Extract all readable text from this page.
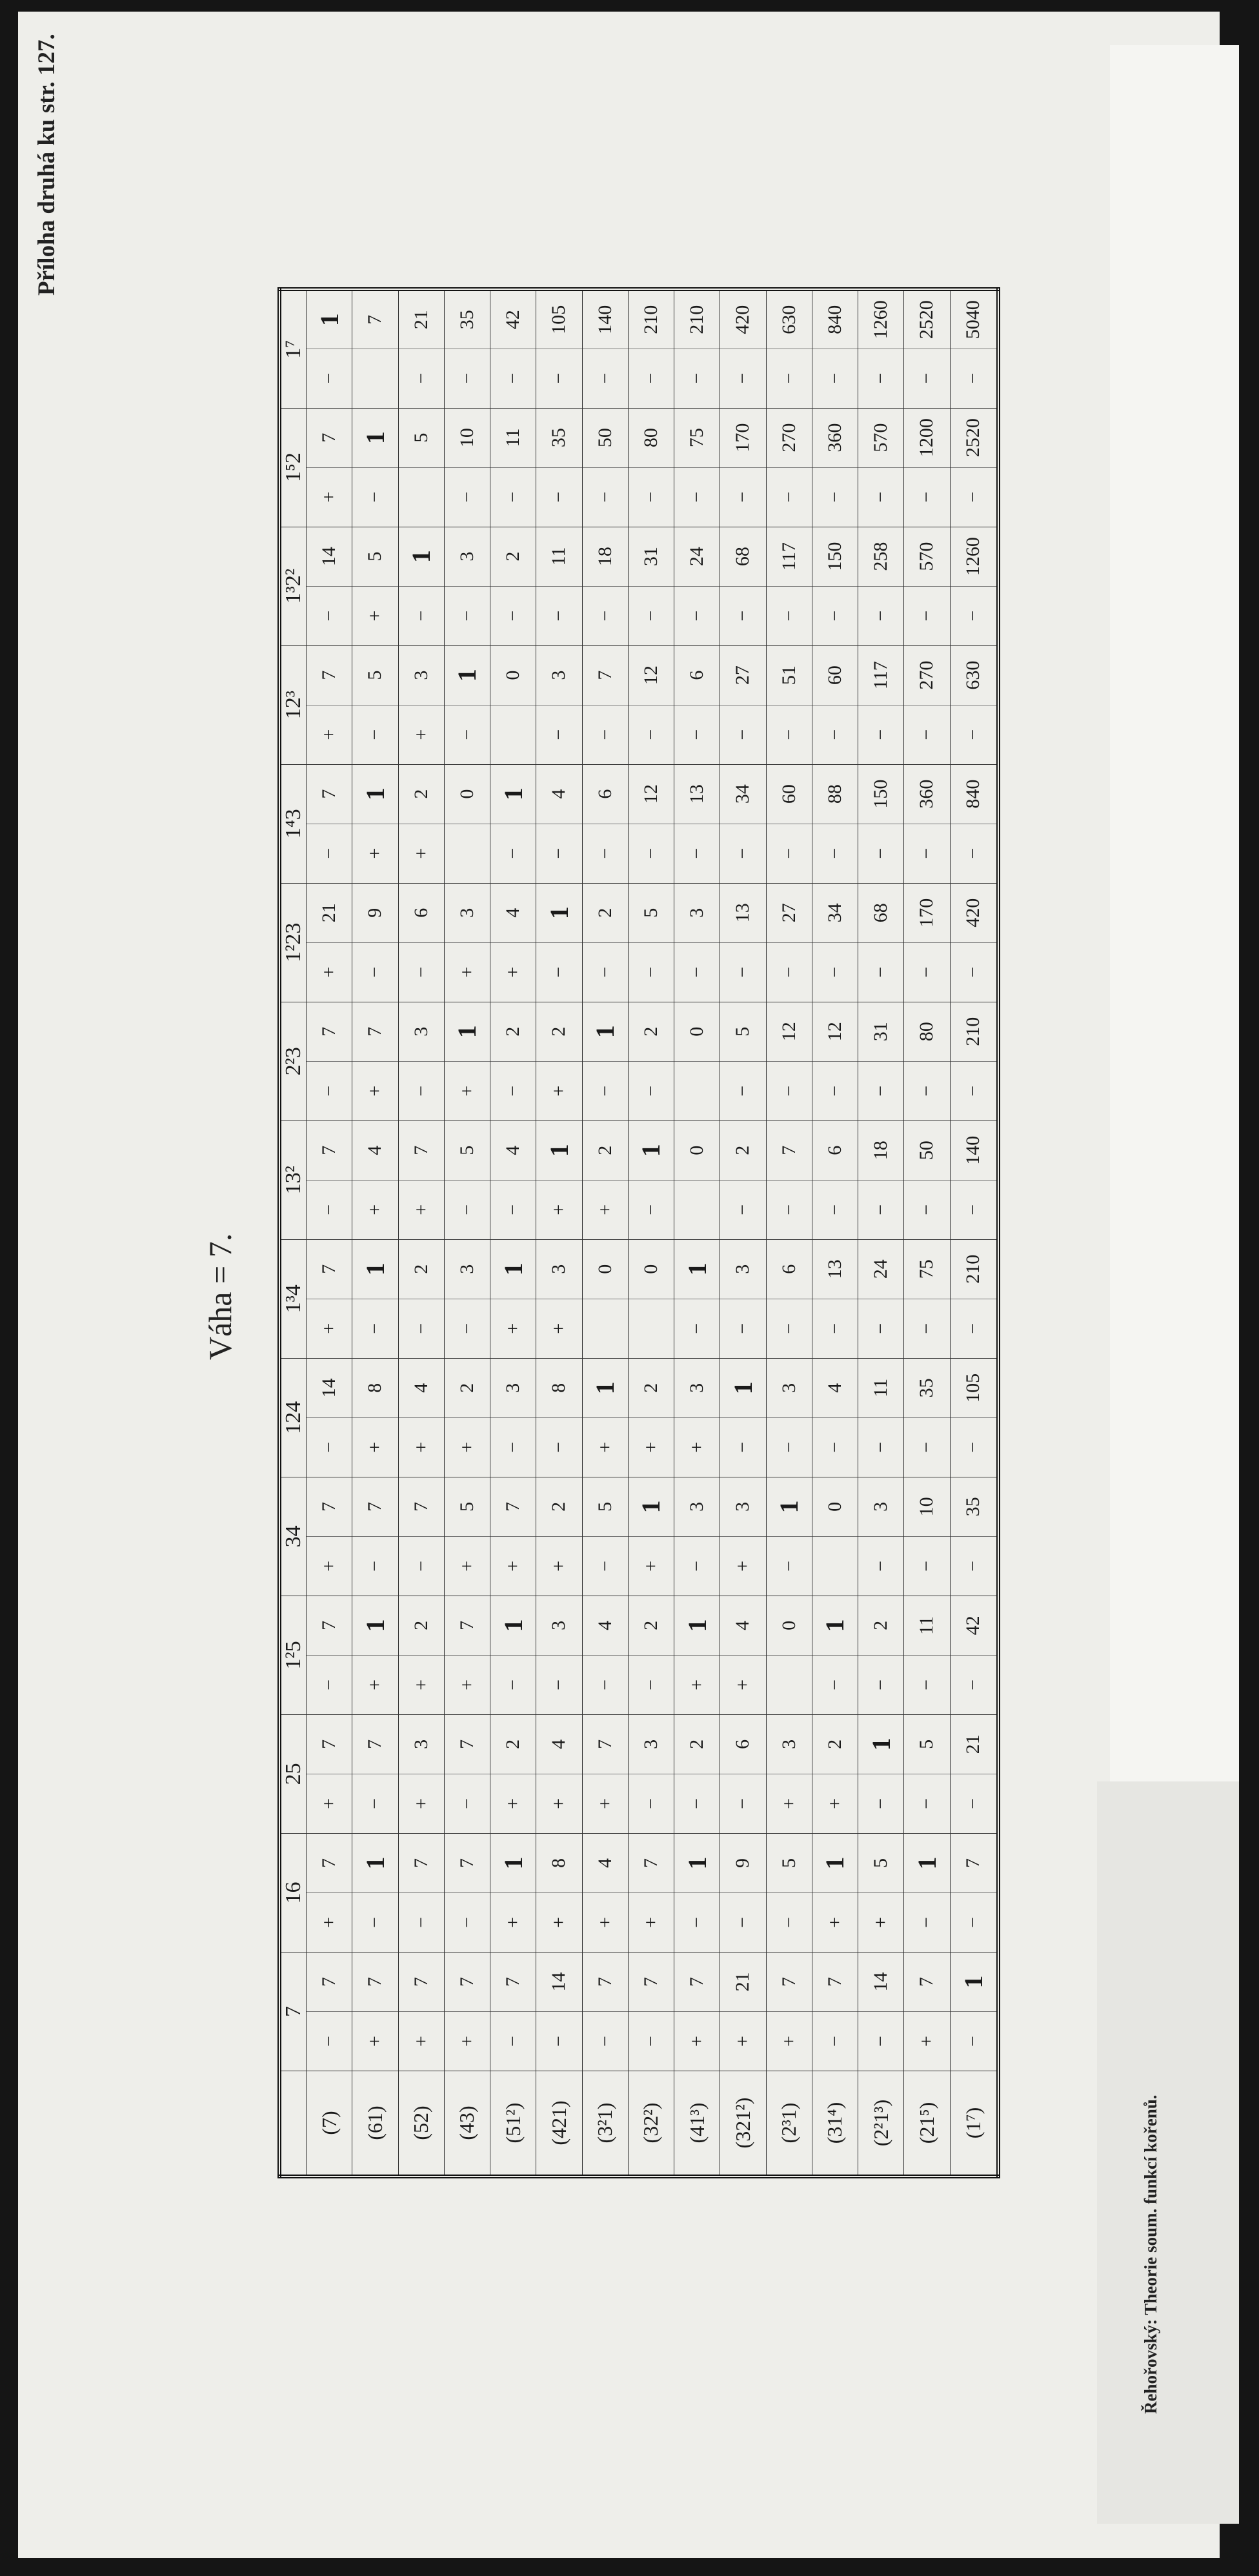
Příloha druhá ku str. 127.
Váha = 7.
Řehořovský: Theorie soum. funkcí kořenů.
	7		16		25		1²5		34		124		1³4		13²		2²3		1²23		1⁴3		12³		1³2²		1⁵2		1⁷	
(7)	−	7	+	7	+	7	−	7	+	7	−	14	+	7	−	7	−	7	+	21	−	7	+	7	−	14	+	7	−	1
(61)	+	7	−	1	−	7	+	1	−	7	+	8	−	1	+	4	+	7	−	9	+	1	−	5	+	5	−	1		7
(52)	+	7	−	7	+	3	+	2	−	7	+	4	−	2	+	7	−	3	−	6	+	2	+	3	−	1		5	−	21
(43)	+	7	−	7	−	7	+	7	+	5	+	2	−	3	−	5	+	1	+	3		0	−	1	−	3	−	10	−	35
(51²)	−	7	+	1	+	2	−	1	+	7	−	3	+	1	−	4	−	2	+	4	−	1		0	−	2	−	11	−	42
(421)	−	14	+	8	+	4	−	3	+	2	−	8	+	3	+	1	+	2	−	1	−	4	−	3	−	11	−	35	−	105
(3²1)	−	7	+	4	+	7	−	4	−	5	+	1		0	+	2	−	1	−	2	−	6	−	7	−	18	−	50	−	140
(32²)	−	7	+	7	−	3	−	2	+	1	+	2		0	−	1	−	2	−	5	−	12	−	12	−	31	−	80	−	210
(41³)	+	7	−	1	−	2	+	1	−	3	+	3	−	1		0		0	−	3	−	13	−	6	−	24	−	75	−	210
(321²)	+	21	−	9	−	6	+	4	+	3	−	1	−	3	−	2	−	5	−	13	−	34	−	27	−	68	−	170	−	420
(2³1)	+	7	−	5	+	3		0	−	1	−	3	−	6	−	7	−	12	−	27	−	60	−	51	−	117	−	270	−	630
(31⁴)	−	7	+	1	+	2	−	1		0	−	4	−	13	−	6	−	12	−	34	−	88	−	60	−	150	−	360	−	840
(2²1³)	−	14	+	5	−	1	−	2	−	3	−	11	−	24	−	18	−	31	−	68	−	150	−	117	−	258	−	570	−	1260
(21⁵)	+	7	−	1	−	5	−	11	−	10	−	35	−	75	−	50	−	80	−	170	−	360	−	270	−	570	−	1200	−	2520
(1⁷)	−	1	−	7	−	21	−	42	−	35	−	105	−	210	−	140	−	210	−	420	−	840	−	630	−	1260	−	2520	−	5040
